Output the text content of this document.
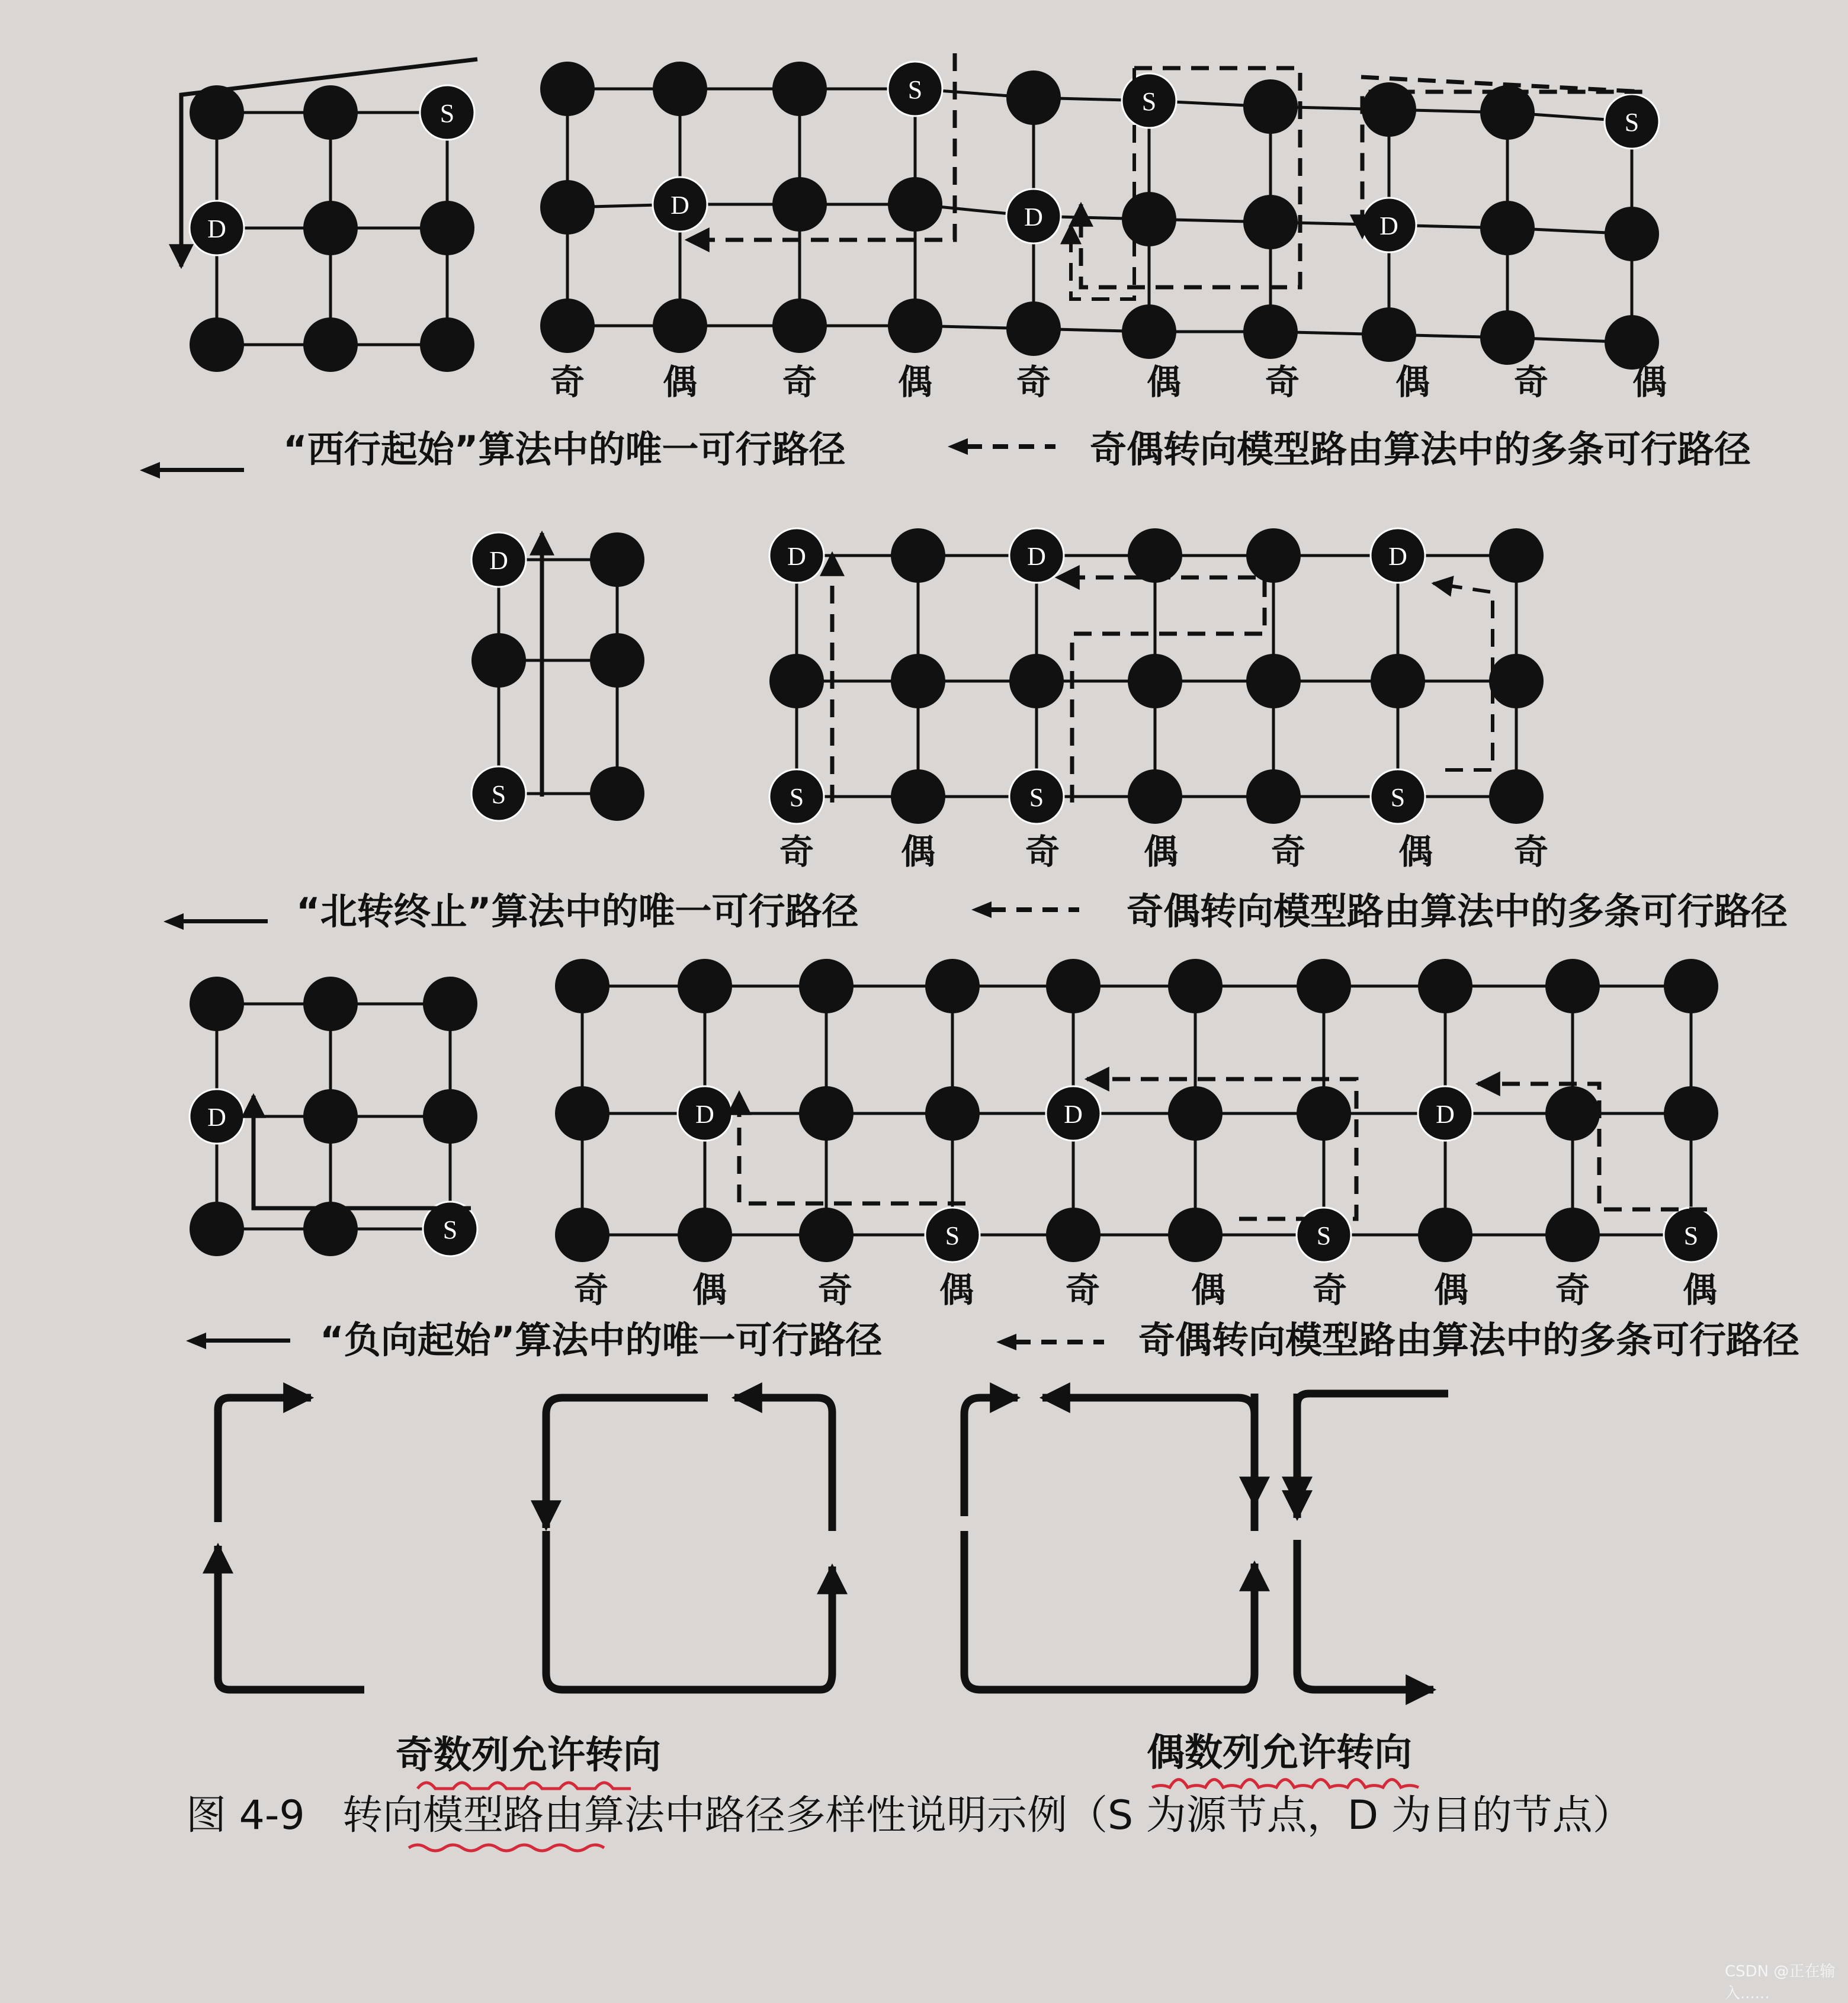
S
D
S	S
S
D	D	D
奇 偶 奇 偶 奇	偶 奇	偶 奇 偶
D
S
D	D	D
S	S	S
奇	偶	奇 偶	奇	偶 奇
D
S
D	D	D
S	S	S
奇 偶	奇	偶	奇	偶	奇	偶	奇	偶
“西行起始”算法中的唯一可行路径	奇偶转向模型路由算法中的多条可行路径
“北转终止”算法中的唯一可行路径	奇偶转向模型路由算法中的多条可行路径
“负向起始”算法中的唯一可行路径	奇偶转向模型路由算法中的多条可行路径
奇数列允许转向	偶数列允许转向
图 4-9 转向模型路由算法中路径多样性说明示例（S 为源节点，D 为目的节点）
CSDN @正在输入......
